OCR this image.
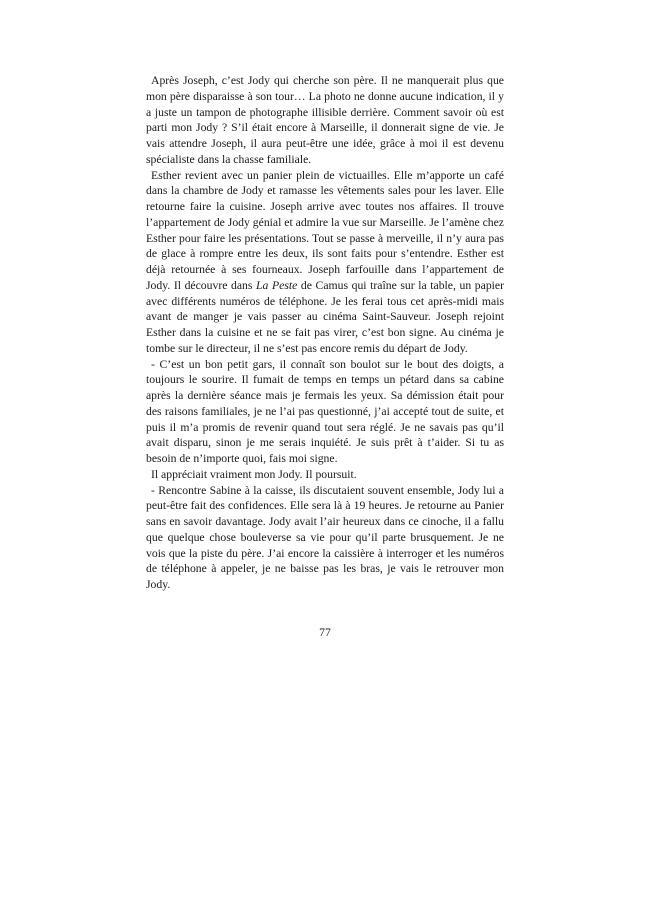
Après Joseph, c’est Jody qui cherche son père. Il ne manquerait plus que mon père disparaisse à son tour… La photo ne donne aucune indication, il y a juste un tampon de photographe illisible derrière. Comment savoir où est parti mon Jody ? S’il était encore à Marseille, il donnerait signe de vie. Je vais attendre Joseph, il aura peut-être une idée, grâce à moi il est devenu spécialiste dans la chasse familiale.

Esther revient avec un panier plein de victuailles. Elle m’apporte un café dans la chambre de Jody et ramasse les vêtements sales pour les laver. Elle retourne faire la cuisine. Joseph arrive avec toutes nos affaires. Il trouve l’appartement de Jody génial et admire la vue sur Marseille. Je l’amène chez Esther pour faire les présentations. Tout se passe à merveille, il n’y aura pas de glace à rompre entre les deux, ils sont faits pour s’entendre. Esther est déjà retournée à ses fourneaux. Joseph farfouille dans l’appartement de Jody. Il découvre dans La Peste de Camus qui traîne sur la table, un papier avec différents numéros de téléphone. Je les ferai tous cet après-midi mais avant de manger je vais passer au cinéma Saint-Sauveur. Joseph rejoint Esther dans la cuisine et ne se fait pas virer, c’est bon signe. Au cinéma je tombe sur le directeur, il ne s’est pas encore remis du départ de Jody.

- C’est un bon petit gars, il connaît son boulot sur le bout des doigts, a toujours le sourire. Il fumait de temps en temps un pétard dans sa cabine après la dernière séance mais je fermais les yeux. Sa démission était pour des raisons familiales, je ne l’ai pas questionné, j’ai accepté tout de suite, et puis il m’a promis de revenir quand tout sera réglé. Je ne savais pas qu’il avait disparu, sinon je me serais inquiété. Je suis prêt à t’aider. Si tu as besoin de n’importe quoi, fais moi signe.

Il appréciait vraiment mon Jody. Il poursuit.

- Rencontre Sabine à la caisse, ils discutaient souvent ensemble, Jody lui a peut-être fait des confidences. Elle sera là à 19 heures. Je retourne au Panier sans en savoir davantage. Jody avait l’air heureux dans ce cinoche, il a fallu que quelque chose bouleverse sa vie pour qu’il parte brusquement. Je ne vois que la piste du père. J’ai encore la caissière à interroger et les numéros de téléphone à appeler, je ne baisse pas les bras, je vais le retrouver mon Jody.

77
